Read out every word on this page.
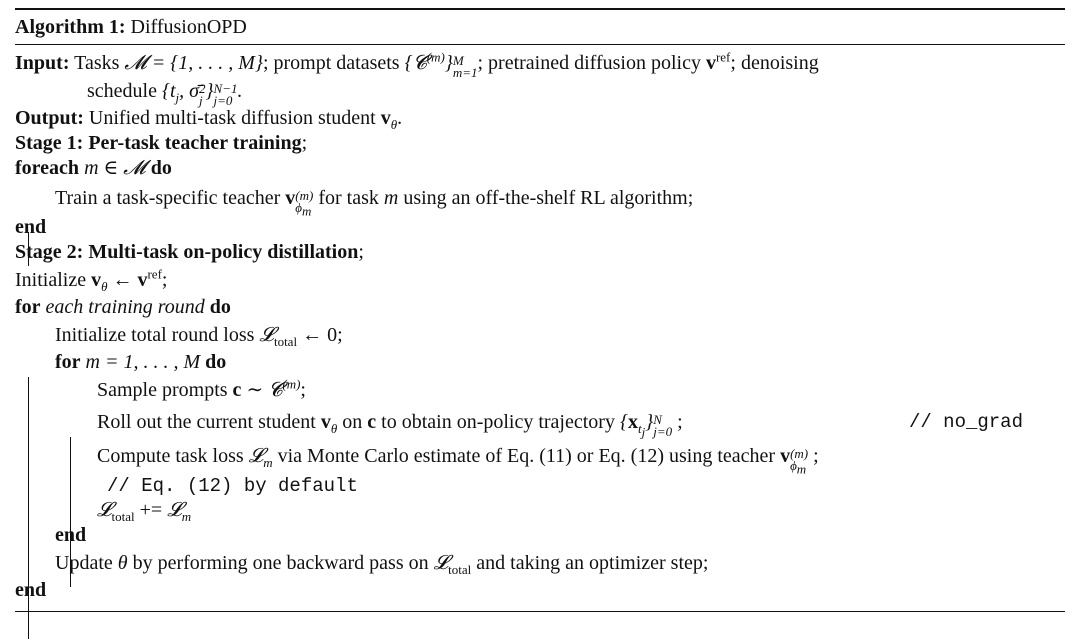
Algorithm 1: DiffusionOPD
Input: Tasks 𝓜 = {1, . . . , M}; prompt datasets {𝓒$^{(m)}$} M
m=1 ; pretrained diffusion policy $v^{ref}$; denoising
schedule {$t_j$, σ̄ 2
j } N−1
j=0 .
Output: Unified multi-task diffusion student $v_\theta$.
Stage 1: Per-task teacher training;
foreach m ∈ 𝓜 do
Train a task-specific teacher v (m)
$\phi_m$
for task m using an off-the-shelf RL algorithm;
end
Stage 2: Multi-task on-policy distillation;
Initialize $v_\theta$ ← $v^{ref}$;
for each training round do
Initialize total round loss 𝓛$_{total}$ ← 0;
for m = 1, . . . , M do
Sample prompts c ∼ 𝓒$^{(m)}$;
Roll out the current student $v_\theta$ on c to obtain on-policy trajectory $\{x_{t_j}\}$ N
j=0 ;	// no_grad
Compute task loss 𝓛$_m$ via Monte Carlo estimate of Eq. (11) or Eq. (12) using teacher v (m)
$\phi_m$
;
// Eq. (12) by default
𝓛$_{total}$ += 𝓛$_m$
end
Update θ by performing one backward pass on 𝓛$_{total}$ and taking an optimizer step;
end
